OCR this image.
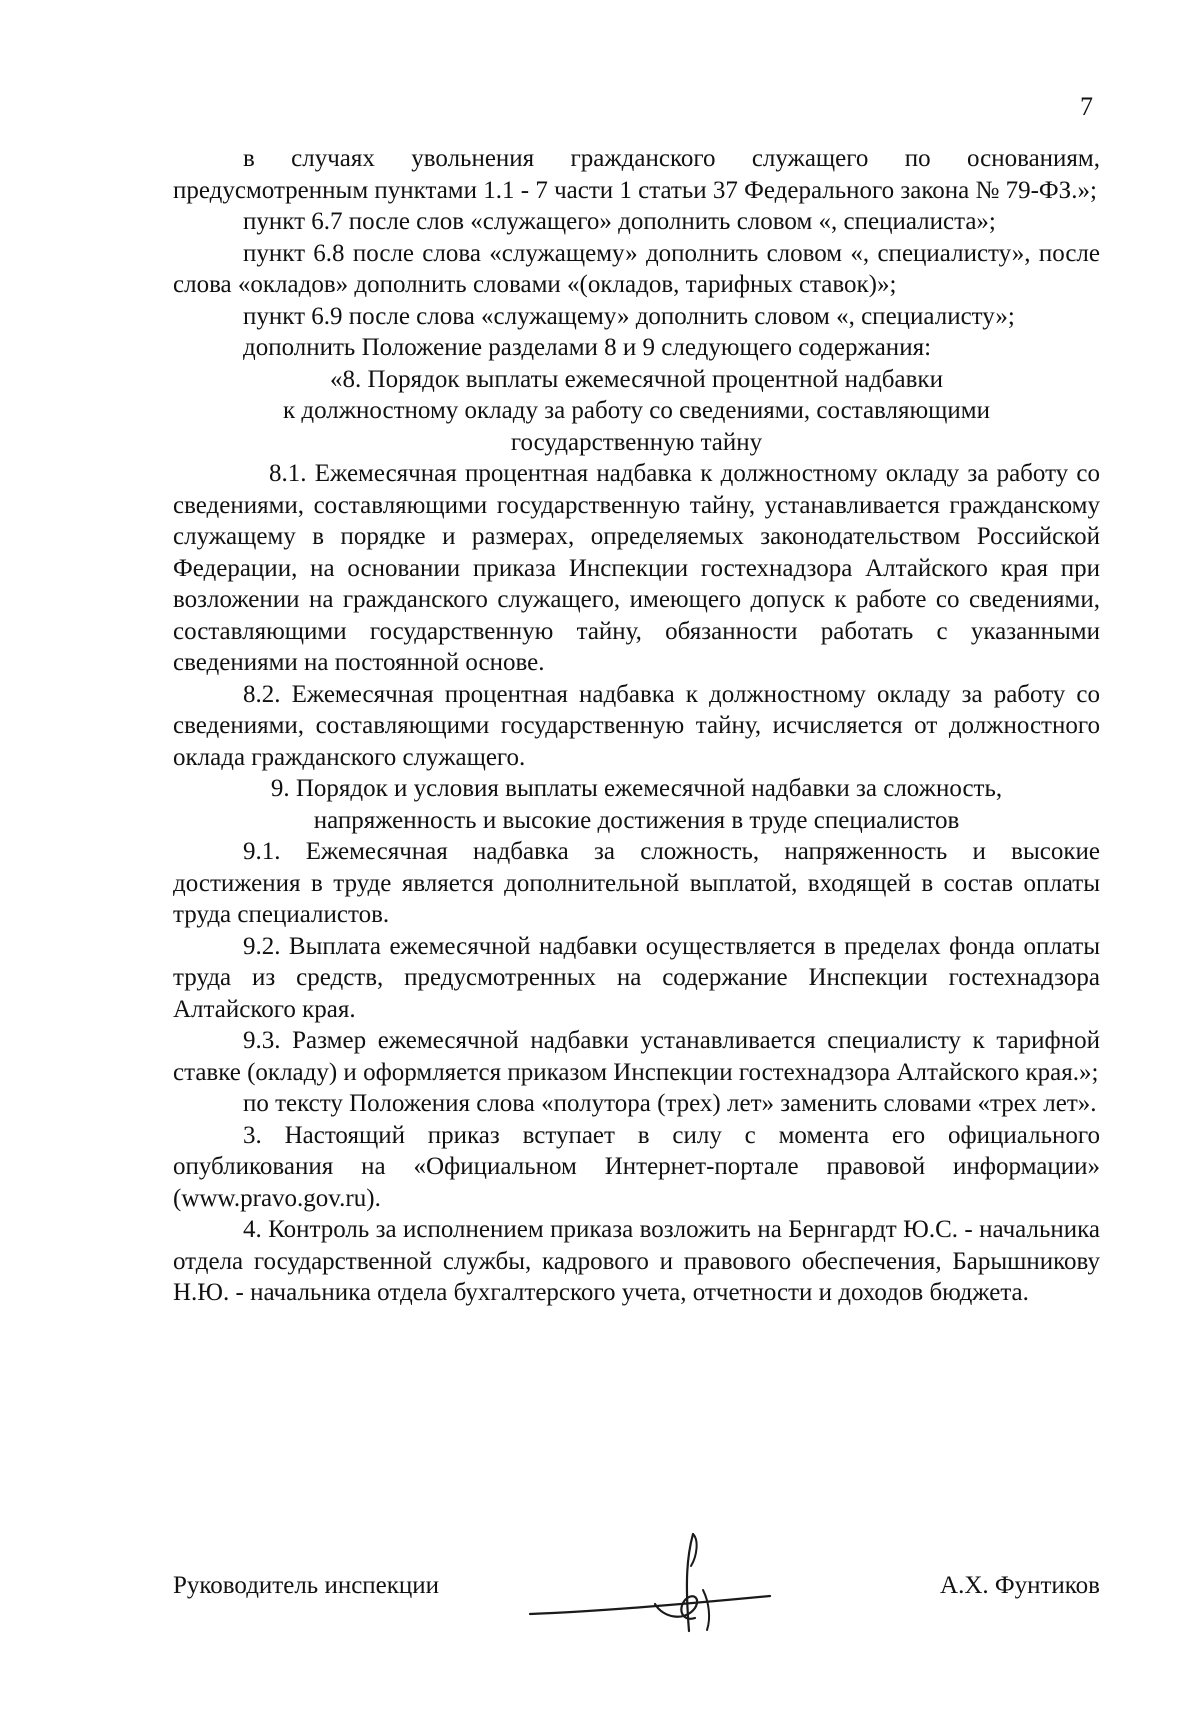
7

в случаях увольнения гражданского служащего по основаниям, предусмотренным пунктами 1.1 - 7 части 1 статьи 37 Федерального закона № 79-ФЗ.»;

пункт 6.7 после слов «служащего» дополнить словом «, специалиста»;

пункт 6.8 после слова «служащему» дополнить словом «, специалисту», после слова «окладов» дополнить словами «(окладов, тарифных ставок)»;

пункт 6.9 после слова «служащему» дополнить словом «, специалисту»;

дополнить Положение разделами 8 и 9 следующего содержания:

«8. Порядок выплаты ежемесячной процентной надбавки

к должностному окладу за работу со сведениями, составляющими

государственную тайну

8.1. Ежемесячная процентная надбавка к должностному окладу за работу со сведениями, составляющими государственную тайну, устанавливается гражданскому служащему в порядке и размерах, определяемых законодательством Российской Федерации, на основании приказа Инспекции гостехнадзора Алтайского края при возложении на гражданского служащего, имеющего допуск к работе со сведениями, составляющими государственную тайну, обязанности работать с указанными сведениями на постоянной основе.

8.2. Ежемесячная процентная надбавка к должностному окладу за работу со сведениями, составляющими государственную тайну, исчисляется от должностного оклада гражданского служащего.

9. Порядок и условия выплаты ежемесячной надбавки за сложность,

напряженность и высокие достижения в труде специалистов

9.1. Ежемесячная надбавка за сложность, напряженность и высокие достижения в труде является дополнительной выплатой, входящей в состав оплаты труда специалистов.

9.2. Выплата ежемесячной надбавки осуществляется в пределах фонда оплаты труда из средств, предусмотренных на содержание Инспекции гостехнадзора Алтайского края.

9.3. Размер ежемесячной надбавки устанавливается специалисту к тарифной ставке (окладу) и оформляется приказом Инспекции гостехнадзора Алтайского края.»;

по тексту Положения слова «полутора (трех) лет» заменить словами «трех лет».

3. Настоящий приказ вступает в силу с момента его официального опубликования на «Официальном Интернет-портале правовой информации» (www.pravo.gov.ru).

4. Контроль за исполнением приказа возложить на Бернгардт Ю.С. - начальника отдела государственной службы, кадрового и правового обеспечения, Барышникову Н.Ю. - начальника отдела бухгалтерского учета, отчетности и доходов бюджета.

Руководитель инспекции	А.Х. Фунтиков
